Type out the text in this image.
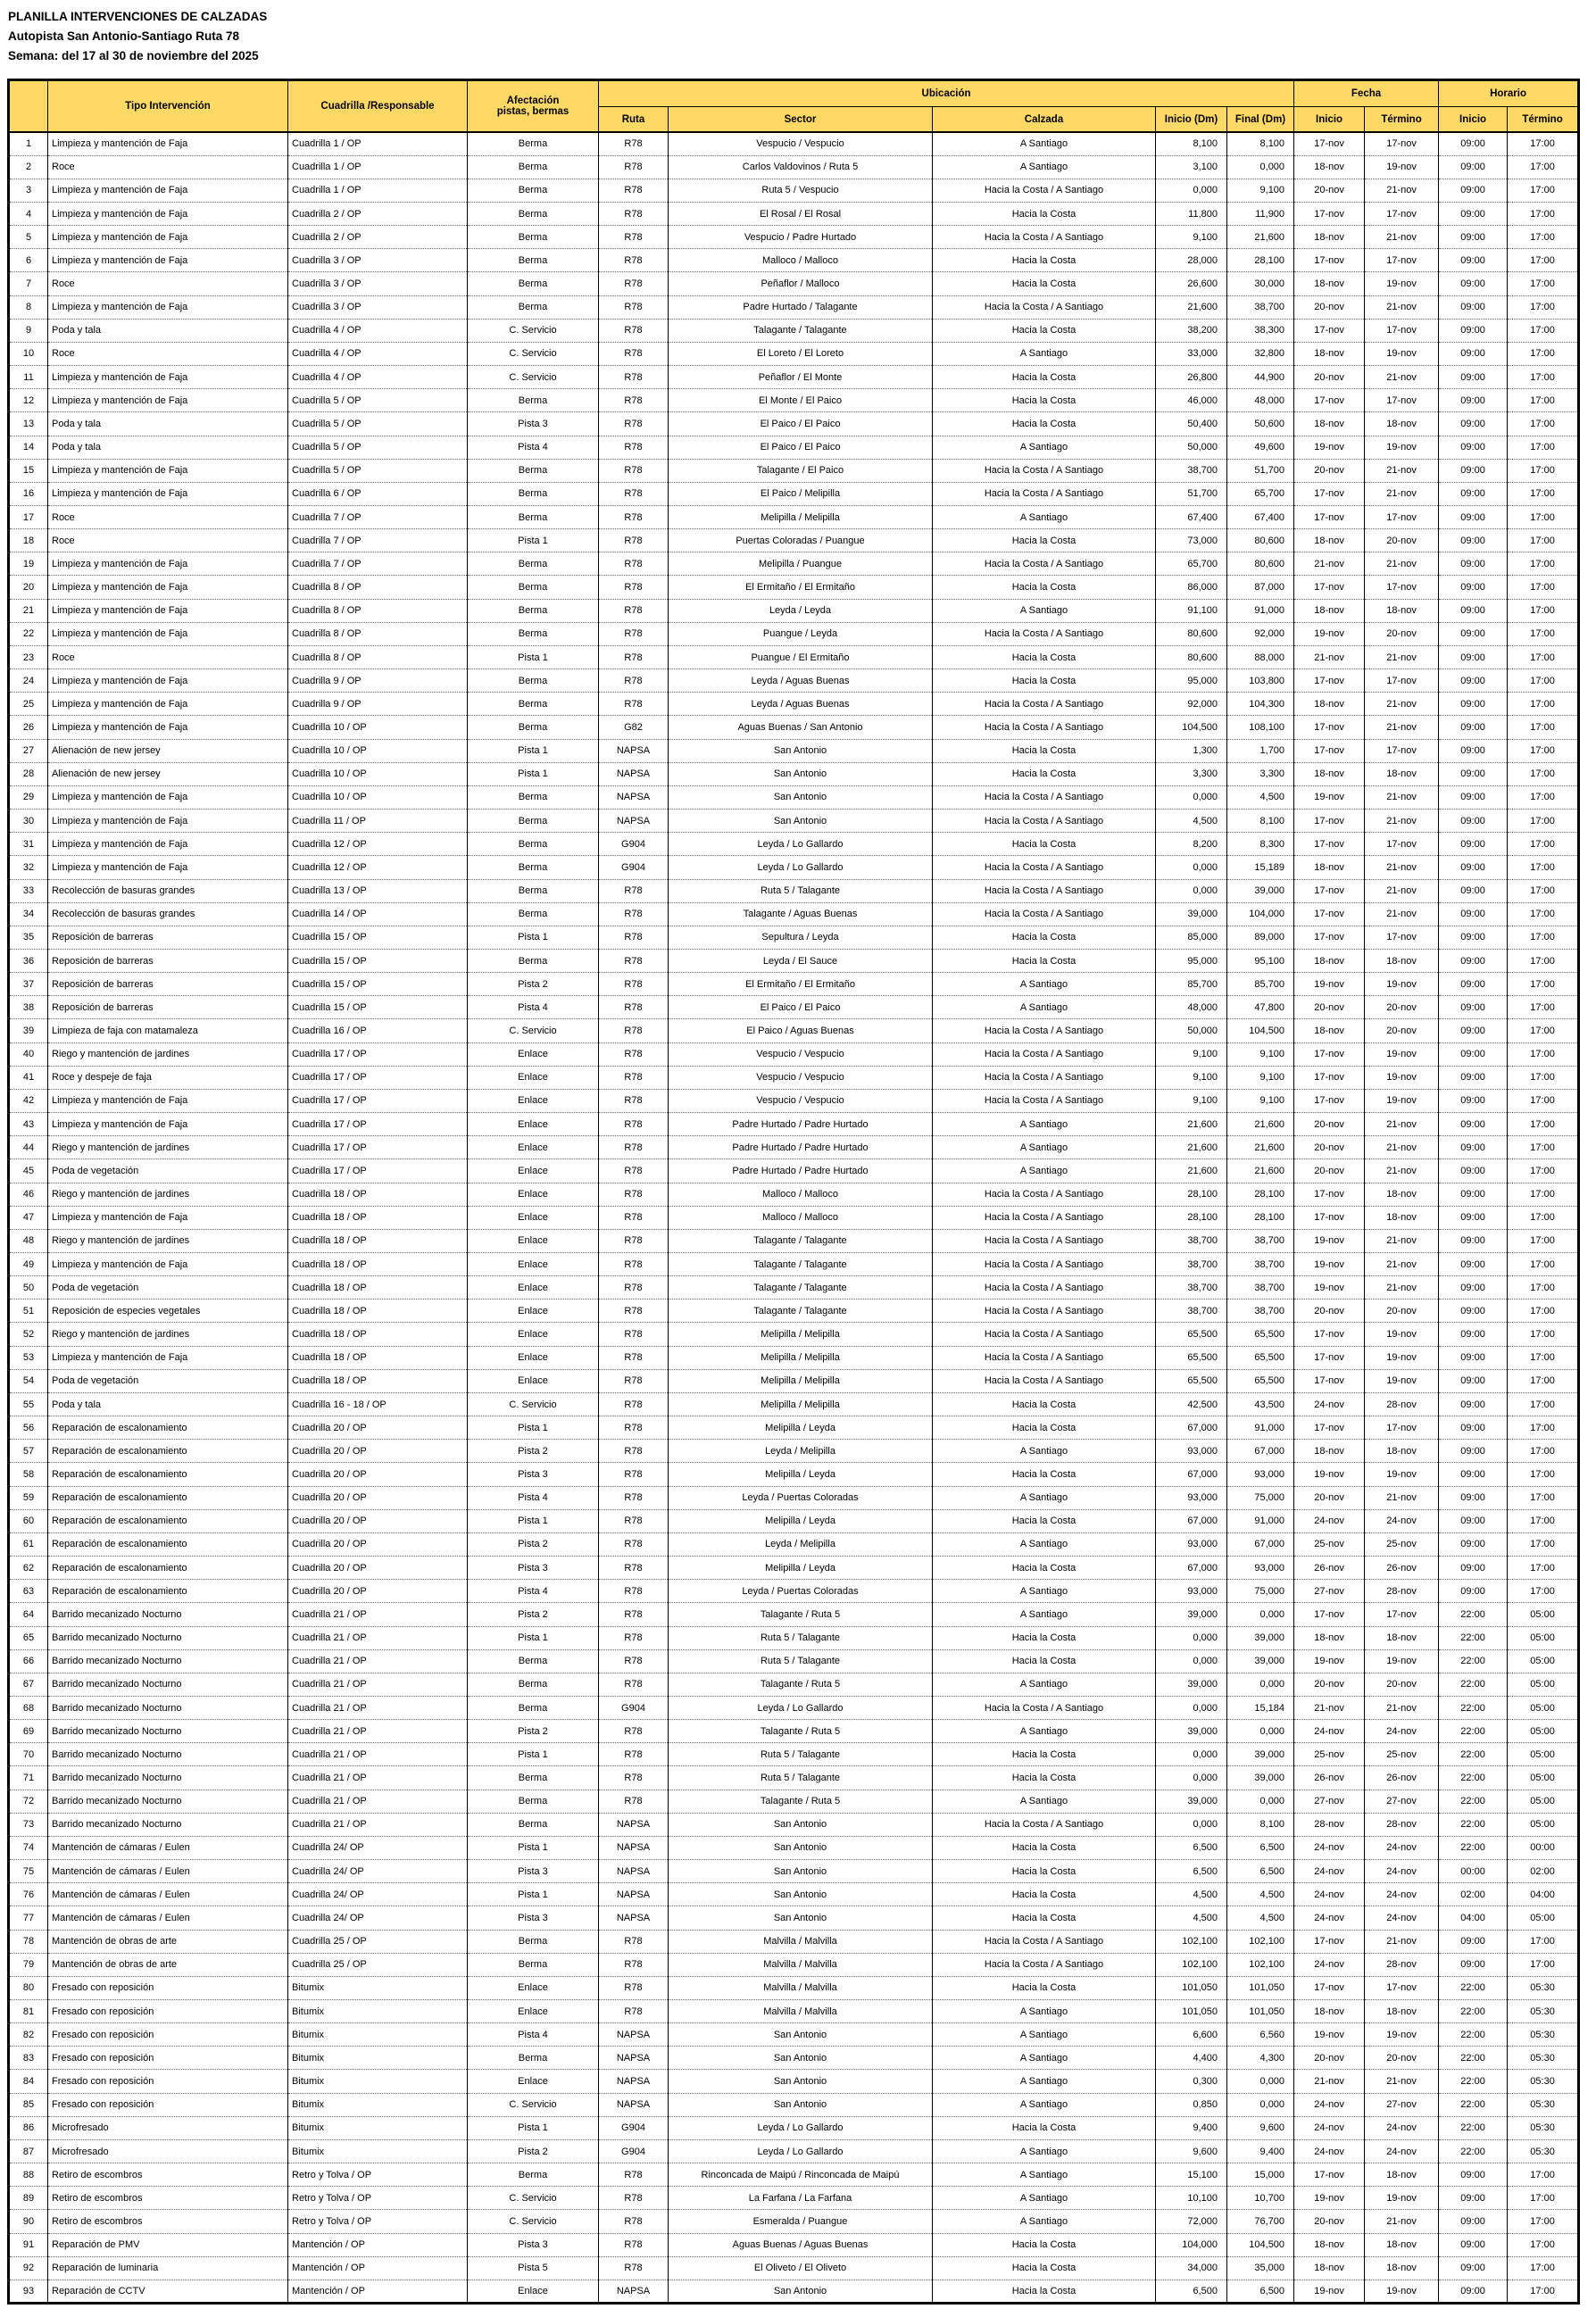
PLANILLA INTERVENCIONES DE CALZADAS
Autopista San Antonio-Santiago Ruta 78
Semana: del 17 al 30 de noviembre del 2025
	Tipo Intervención	Cuadrilla /Responsable	Afectación
pistas, bermas	Ubicación					Fecha		Horario	
				Ruta	Sector	Calzada	Inicio (Dm)	Final (Dm)	Inicio	Término	Inicio	Término
1	Limpieza y mantención de Faja	Cuadrilla 1 / OP	Berma	R78	Vespucio / Vespucio	A Santiago	8,100	8,100	17-nov	17-nov	09:00	17:00
2	Roce	Cuadrilla 1 / OP	Berma	R78	Carlos Valdovinos / Ruta 5	A Santiago	3,100	0,000	18-nov	19-nov	09:00	17:00
3	Limpieza y mantención de Faja	Cuadrilla 1 / OP	Berma	R78	Ruta 5 / Vespucio	Hacia la Costa / A Santiago	0,000	9,100	20-nov	21-nov	09:00	17:00
4	Limpieza y mantención de Faja	Cuadrilla 2 / OP	Berma	R78	El Rosal / El Rosal	Hacia la Costa	11,800	11,900	17-nov	17-nov	09:00	17:00
5	Limpieza y mantención de Faja	Cuadrilla 2 / OP	Berma	R78	Vespucio / Padre Hurtado	Hacia la Costa / A Santiago	9,100	21,600	18-nov	21-nov	09:00	17:00
6	Limpieza y mantención de Faja	Cuadrilla 3 / OP	Berma	R78	Malloco / Malloco	Hacia la Costa	28,000	28,100	17-nov	17-nov	09:00	17:00
7	Roce	Cuadrilla 3 / OP	Berma	R78	Peñaflor / Malloco	Hacia la Costa	26,600	30,000	18-nov	19-nov	09:00	17:00
8	Limpieza y mantención de Faja	Cuadrilla 3 / OP	Berma	R78	Padre Hurtado / Talagante	Hacia la Costa / A Santiago	21,600	38,700	20-nov	21-nov	09:00	17:00
9	Poda y tala	Cuadrilla 4 / OP	C. Servicio	R78	Talagante / Talagante	Hacia la Costa	38,200	38,300	17-nov	17-nov	09:00	17:00
10	Roce	Cuadrilla 4 / OP	C. Servicio	R78	El Loreto / El Loreto	A Santiago	33,000	32,800	18-nov	19-nov	09:00	17:00
11	Limpieza y mantención de Faja	Cuadrilla 4 / OP	C. Servicio	R78	Peñaflor / El Monte	Hacia la Costa	26,800	44,900	20-nov	21-nov	09:00	17:00
12	Limpieza y mantención de Faja	Cuadrilla 5 / OP	Berma	R78	El Monte / El Paico	Hacia la Costa	46,000	48,000	17-nov	17-nov	09:00	17:00
13	Poda y tala	Cuadrilla 5 / OP	Pista 3	R78	El Paico / El Paico	Hacia la Costa	50,400	50,600	18-nov	18-nov	09:00	17:00
14	Poda y tala	Cuadrilla 5 / OP	Pista 4	R78	El Paico / El Paico	A Santiago	50,000	49,600	19-nov	19-nov	09:00	17:00
15	Limpieza y mantención de Faja	Cuadrilla 5 / OP	Berma	R78	Talagante / El Paico	Hacia la Costa / A Santiago	38,700	51,700	20-nov	21-nov	09:00	17:00
16	Limpieza y mantención de Faja	Cuadrilla 6 / OP	Berma	R78	El Paico / Melipilla	Hacia la Costa / A Santiago	51,700	65,700	17-nov	21-nov	09:00	17:00
17	Roce	Cuadrilla 7 / OP	Berma	R78	Melipilla / Melipilla	A Santiago	67,400	67,400	17-nov	17-nov	09:00	17:00
18	Roce	Cuadrilla 7 / OP	Pista 1	R78	Puertas Coloradas / Puangue	Hacia la Costa	73,000	80,600	18-nov	20-nov	09:00	17:00
19	Limpieza y mantención de Faja	Cuadrilla 7 / OP	Berma	R78	Melipilla / Puangue	Hacia la Costa / A Santiago	65,700	80,600	21-nov	21-nov	09:00	17:00
20	Limpieza y mantención de Faja	Cuadrilla 8 / OP	Berma	R78	El Ermitaño / El Ermitaño	Hacia la Costa	86,000	87,000	17-nov	17-nov	09:00	17:00
21	Limpieza y mantención de Faja	Cuadrilla 8 / OP	Berma	R78	Leyda / Leyda	A Santiago	91,100	91,000	18-nov	18-nov	09:00	17:00
22	Limpieza y mantención de Faja	Cuadrilla 8 / OP	Berma	R78	Puangue / Leyda	Hacia la Costa / A Santiago	80,600	92,000	19-nov	20-nov	09:00	17:00
23	Roce	Cuadrilla 8 / OP	Pista 1	R78	Puangue / El Ermitaño	Hacia la Costa	80,600	88,000	21-nov	21-nov	09:00	17:00
24	Limpieza y mantención de Faja	Cuadrilla 9 / OP	Berma	R78	Leyda / Aguas Buenas	Hacia la Costa	95,000	103,800	17-nov	17-nov	09:00	17:00
25	Limpieza y mantención de Faja	Cuadrilla 9 / OP	Berma	R78	Leyda / Aguas Buenas	Hacia la Costa / A Santiago	92,000	104,300	18-nov	21-nov	09:00	17:00
26	Limpieza y mantención de Faja	Cuadrilla 10 / OP	Berma	G82	Aguas Buenas / San Antonio	Hacia la Costa / A Santiago	104,500	108,100	17-nov	21-nov	09:00	17:00
27	Alienación de new jersey	Cuadrilla 10 / OP	Pista 1	NAPSA	San Antonio	Hacia la Costa	1,300	1,700	17-nov	17-nov	09:00	17:00
28	Alienación de new jersey	Cuadrilla 10 / OP	Pista 1	NAPSA	San Antonio	Hacia la Costa	3,300	3,300	18-nov	18-nov	09:00	17:00
29	Limpieza y mantención de Faja	Cuadrilla 10 / OP	Berma	NAPSA	San Antonio	Hacia la Costa / A Santiago	0,000	4,500	19-nov	21-nov	09:00	17:00
30	Limpieza y mantención de Faja	Cuadrilla 11 / OP	Berma	NAPSA	San Antonio	Hacia la Costa / A Santiago	4,500	8,100	17-nov	21-nov	09:00	17:00
31	Limpieza y mantención de Faja	Cuadrilla 12 / OP	Berma	G904	Leyda / Lo Gallardo	Hacia la Costa	8,200	8,300	17-nov	17-nov	09:00	17:00
32	Limpieza y mantención de Faja	Cuadrilla 12 / OP	Berma	G904	Leyda / Lo Gallardo	Hacia la Costa / A Santiago	0,000	15,189	18-nov	21-nov	09:00	17:00
33	Recolección de basuras grandes	Cuadrilla 13 / OP	Berma	R78	Ruta 5 / Talagante	Hacia la Costa / A Santiago	0,000	39,000	17-nov	21-nov	09:00	17:00
34	Recolección de basuras grandes	Cuadrilla 14 / OP	Berma	R78	Talagante / Aguas Buenas	Hacia la Costa / A Santiago	39,000	104,000	17-nov	21-nov	09:00	17:00
35	Reposición de barreras	Cuadrilla 15 / OP	Pista 1	R78	Sepultura / Leyda	Hacia la Costa	85,000	89,000	17-nov	17-nov	09:00	17:00
36	Reposición de barreras	Cuadrilla 15 / OP	Berma	R78	Leyda / El Sauce	Hacia la Costa	95,000	95,100	18-nov	18-nov	09:00	17:00
37	Reposición de barreras	Cuadrilla 15 / OP	Pista 2	R78	El Ermitaño / El Ermitaño	A Santiago	85,700	85,700	19-nov	19-nov	09:00	17:00
38	Reposición de barreras	Cuadrilla 15 / OP	Pista 4	R78	El Paico / El Paico	A Santiago	48,000	47,800	20-nov	20-nov	09:00	17:00
39	Limpieza de faja con matamaleza	Cuadrilla 16 / OP	C. Servicio	R78	El Paico / Aguas Buenas	Hacia la Costa / A Santiago	50,000	104,500	18-nov	20-nov	09:00	17:00
40	Riego y mantención de jardines	Cuadrilla 17 / OP	Enlace	R78	Vespucio / Vespucio	Hacia la Costa / A Santiago	9,100	9,100	17-nov	19-nov	09:00	17:00
41	Roce y despeje de faja	Cuadrilla 17 / OP	Enlace	R78	Vespucio / Vespucio	Hacia la Costa / A Santiago	9,100	9,100	17-nov	19-nov	09:00	17:00
42	Limpieza y mantención de Faja	Cuadrilla 17 / OP	Enlace	R78	Vespucio / Vespucio	Hacia la Costa / A Santiago	9,100	9,100	17-nov	19-nov	09:00	17:00
43	Limpieza y mantención de Faja	Cuadrilla 17 / OP	Enlace	R78	Padre Hurtado / Padre Hurtado	A Santiago	21,600	21,600	20-nov	21-nov	09:00	17:00
44	Riego y mantención de jardines	Cuadrilla 17 / OP	Enlace	R78	Padre Hurtado / Padre Hurtado	A Santiago	21,600	21,600	20-nov	21-nov	09:00	17:00
45	Poda de vegetación	Cuadrilla 17 / OP	Enlace	R78	Padre Hurtado / Padre Hurtado	A Santiago	21,600	21,600	20-nov	21-nov	09:00	17:00
46	Riego y mantención de jardines	Cuadrilla 18 / OP	Enlace	R78	Malloco / Malloco	Hacia la Costa / A Santiago	28,100	28,100	17-nov	18-nov	09:00	17:00
47	Limpieza y mantención de Faja	Cuadrilla 18 / OP	Enlace	R78	Malloco / Malloco	Hacia la Costa / A Santiago	28,100	28,100	17-nov	18-nov	09:00	17:00
48	Riego y mantención de jardines	Cuadrilla 18 / OP	Enlace	R78	Talagante / Talagante	Hacia la Costa / A Santiago	38,700	38,700	19-nov	21-nov	09:00	17:00
49	Limpieza y mantención de Faja	Cuadrilla 18 / OP	Enlace	R78	Talagante / Talagante	Hacia la Costa / A Santiago	38,700	38,700	19-nov	21-nov	09:00	17:00
50	Poda de vegetación	Cuadrilla 18 / OP	Enlace	R78	Talagante / Talagante	Hacia la Costa / A Santiago	38,700	38,700	19-nov	21-nov	09:00	17:00
51	Reposición de especies vegetales	Cuadrilla 18 / OP	Enlace	R78	Talagante / Talagante	Hacia la Costa / A Santiago	38,700	38,700	20-nov	20-nov	09:00	17:00
52	Riego y mantención de jardines	Cuadrilla 18 / OP	Enlace	R78	Melipilla / Melipilla	Hacia la Costa / A Santiago	65,500	65,500	17-nov	19-nov	09:00	17:00
53	Limpieza y mantención de Faja	Cuadrilla 18 / OP	Enlace	R78	Melipilla / Melipilla	Hacia la Costa / A Santiago	65,500	65,500	17-nov	19-nov	09:00	17:00
54	Poda de vegetación	Cuadrilla 18 / OP	Enlace	R78	Melipilla / Melipilla	Hacia la Costa / A Santiago	65,500	65,500	17-nov	19-nov	09:00	17:00
55	Poda y tala	Cuadrilla 16 - 18 / OP	C. Servicio	R78	Melipilla / Melipilla	Hacia la Costa	42,500	43,500	24-nov	28-nov	09:00	17:00
56	Reparación de escalonamiento	Cuadrilla 20 / OP	Pista 1	R78	Melipilla / Leyda	Hacia la Costa	67,000	91,000	17-nov	17-nov	09:00	17:00
57	Reparación de escalonamiento	Cuadrilla 20 / OP	Pista 2	R78	Leyda / Melipilla	A Santiago	93,000	67,000	18-nov	18-nov	09:00	17:00
58	Reparación de escalonamiento	Cuadrilla 20 / OP	Pista 3	R78	Melipilla / Leyda	Hacia la Costa	67,000	93,000	19-nov	19-nov	09:00	17:00
59	Reparación de escalonamiento	Cuadrilla 20 / OP	Pista 4	R78	Leyda / Puertas Coloradas	A Santiago	93,000	75,000	20-nov	21-nov	09:00	17:00
60	Reparación de escalonamiento	Cuadrilla 20 / OP	Pista 1	R78	Melipilla / Leyda	Hacia la Costa	67,000	91,000	24-nov	24-nov	09:00	17:00
61	Reparación de escalonamiento	Cuadrilla 20 / OP	Pista 2	R78	Leyda / Melipilla	A Santiago	93,000	67,000	25-nov	25-nov	09:00	17:00
62	Reparación de escalonamiento	Cuadrilla 20 / OP	Pista 3	R78	Melipilla / Leyda	Hacia la Costa	67,000	93,000	26-nov	26-nov	09:00	17:00
63	Reparación de escalonamiento	Cuadrilla 20 / OP	Pista 4	R78	Leyda / Puertas Coloradas	A Santiago	93,000	75,000	27-nov	28-nov	09:00	17:00
64	Barrido mecanizado Nocturno	Cuadrilla 21 / OP	Pista 2	R78	Talagante / Ruta 5	A Santiago	39,000	0,000	17-nov	17-nov	22:00	05:00
65	Barrido mecanizado Nocturno	Cuadrilla 21 / OP	Pista 1	R78	Ruta 5 / Talagante	Hacia la Costa	0,000	39,000	18-nov	18-nov	22:00	05:00
66	Barrido mecanizado Nocturno	Cuadrilla 21 / OP	Berma	R78	Ruta 5 / Talagante	Hacia la Costa	0,000	39,000	19-nov	19-nov	22:00	05:00
67	Barrido mecanizado Nocturno	Cuadrilla 21 / OP	Berma	R78	Talagante / Ruta 5	A Santiago	39,000	0,000	20-nov	20-nov	22:00	05:00
68	Barrido mecanizado Nocturno	Cuadrilla 21 / OP	Berma	G904	Leyda / Lo Gallardo	Hacia la Costa / A Santiago	0,000	15,184	21-nov	21-nov	22:00	05:00
69	Barrido mecanizado Nocturno	Cuadrilla 21 / OP	Pista 2	R78	Talagante / Ruta 5	A Santiago	39,000	0,000	24-nov	24-nov	22:00	05:00
70	Barrido mecanizado Nocturno	Cuadrilla 21 / OP	Pista 1	R78	Ruta 5 / Talagante	Hacia la Costa	0,000	39,000	25-nov	25-nov	22:00	05:00
71	Barrido mecanizado Nocturno	Cuadrilla 21 / OP	Berma	R78	Ruta 5 / Talagante	Hacia la Costa	0,000	39,000	26-nov	26-nov	22:00	05:00
72	Barrido mecanizado Nocturno	Cuadrilla 21 / OP	Berma	R78	Talagante / Ruta 5	A Santiago	39,000	0,000	27-nov	27-nov	22:00	05:00
73	Barrido mecanizado Nocturno	Cuadrilla 21 / OP	Berma	NAPSA	San Antonio	Hacia la Costa / A Santiago	0,000	8,100	28-nov	28-nov	22:00	05:00
74	Mantención de cámaras / Eulen	Cuadrilla 24/ OP	Pista 1	NAPSA	San Antonio	Hacia la Costa	6,500	6,500	24-nov	24-nov	22:00	00:00
75	Mantención de cámaras / Eulen	Cuadrilla 24/ OP	Pista 3	NAPSA	San Antonio	Hacia la Costa	6,500	6,500	24-nov	24-nov	00:00	02:00
76	Mantención de cámaras / Eulen	Cuadrilla 24/ OP	Pista 1	NAPSA	San Antonio	Hacia la Costa	4,500	4,500	24-nov	24-nov	02:00	04:00
77	Mantención de cámaras / Eulen	Cuadrilla 24/ OP	Pista 3	NAPSA	San Antonio	Hacia la Costa	4,500	4,500	24-nov	24-nov	04:00	05:00
78	Mantención de obras de arte	Cuadrilla 25 / OP	Berma	R78	Malvilla / Malvilla	Hacia la Costa / A Santiago	102,100	102,100	17-nov	21-nov	09:00	17:00
79	Mantención de obras de arte	Cuadrilla 25 / OP	Berma	R78	Malvilla / Malvilla	Hacia la Costa / A Santiago	102,100	102,100	24-nov	28-nov	09:00	17:00
80	Fresado con reposición	Bitumix	Enlace	R78	Malvilla / Malvilla	Hacia la Costa	101,050	101,050	17-nov	17-nov	22:00	05:30
81	Fresado con reposición	Bitumix	Enlace	R78	Malvilla / Malvilla	A Santiago	101,050	101,050	18-nov	18-nov	22:00	05:30
82	Fresado con reposición	Bitumix	Pista 4	NAPSA	San Antonio	A Santiago	6,600	6,560	19-nov	19-nov	22:00	05:30
83	Fresado con reposición	Bitumix	Berma	NAPSA	San Antonio	A Santiago	4,400	4,300	20-nov	20-nov	22:00	05:30
84	Fresado con reposición	Bitumix	Enlace	NAPSA	San Antonio	A Santiago	0,300	0,000	21-nov	21-nov	22:00	05:30
85	Fresado con reposición	Bitumix	C. Servicio	NAPSA	San Antonio	A Santiago	0,850	0,000	24-nov	27-nov	22:00	05:30
86	Microfresado	Bitumix	Pista 1	G904	Leyda / Lo Gallardo	Hacia la Costa	9,400	9,600	24-nov	24-nov	22:00	05:30
87	Microfresado	Bitumix	Pista 2	G904	Leyda / Lo Gallardo	A Santiago	9,600	9,400	24-nov	24-nov	22:00	05:30
88	Retiro de escombros	Retro y Tolva / OP	Berma	R78	Rinconcada de Maipú / Rinconcada de Maipú	A Santiago	15,100	15,000	17-nov	18-nov	09:00	17:00
89	Retiro de escombros	Retro y Tolva / OP	C. Servicio	R78	La Farfana / La Farfana	A Santiago	10,100	10,700	19-nov	19-nov	09:00	17:00
90	Retiro de escombros	Retro y Tolva / OP	C. Servicio	R78	Esmeralda / Puangue	A Santiago	72,000	76,700	20-nov	21-nov	09:00	17:00
91	Reparación de PMV	Mantención / OP	Pista 3	R78	Aguas Buenas / Aguas Buenas	Hacia la Costa	104,000	104,500	18-nov	18-nov	09:00	17:00
92	Reparación de luminaria	Mantención / OP	Pista 5	R78	El Oliveto / El Oliveto	Hacia la Costa	34,000	35,000	18-nov	18-nov	09:00	17:00
93	Reparación de CCTV	Mantención / OP	Enlace	NAPSA	San Antonio	Hacia la Costa	6,500	6,500	19-nov	19-nov	09:00	17:00
